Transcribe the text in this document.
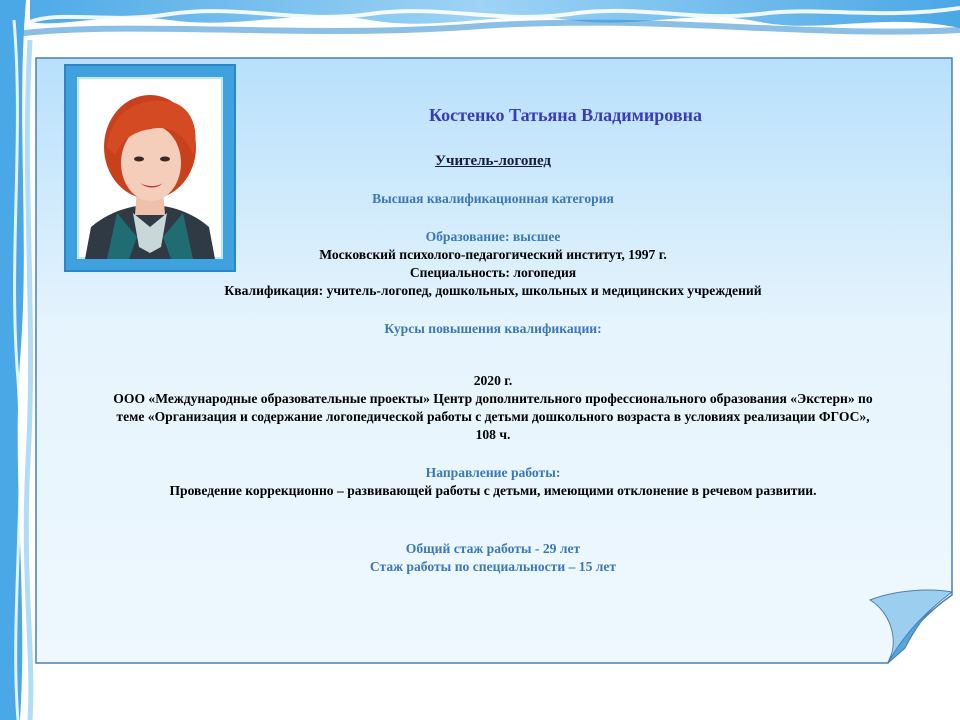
Костенко Татьяна Владимировна
Учитель-логопед
Высшая квалификационная категория
Образование: высшее
Московский психолого-педагогический институт, 1997 г.
Специальность: логопедия
Квалификация: учитель-логопед, дошкольных, школьных и медицинских учреждений
Курсы повышения квалификации:
2020 г.
ООО «Международные образовательные проекты» Центр дополнительного профессионального образования «Экстерн» по
теме «Организация и содержание логопедической работы с детьми дошкольного возраста в условиях реализации ФГОС»,
108 ч.
Направление работы:
Проведение коррекционно – развивающей работы с детьми, имеющими отклонение в речевом развитии.
Общий стаж работы - 29 лет
Стаж работы по специальности – 15 лет
